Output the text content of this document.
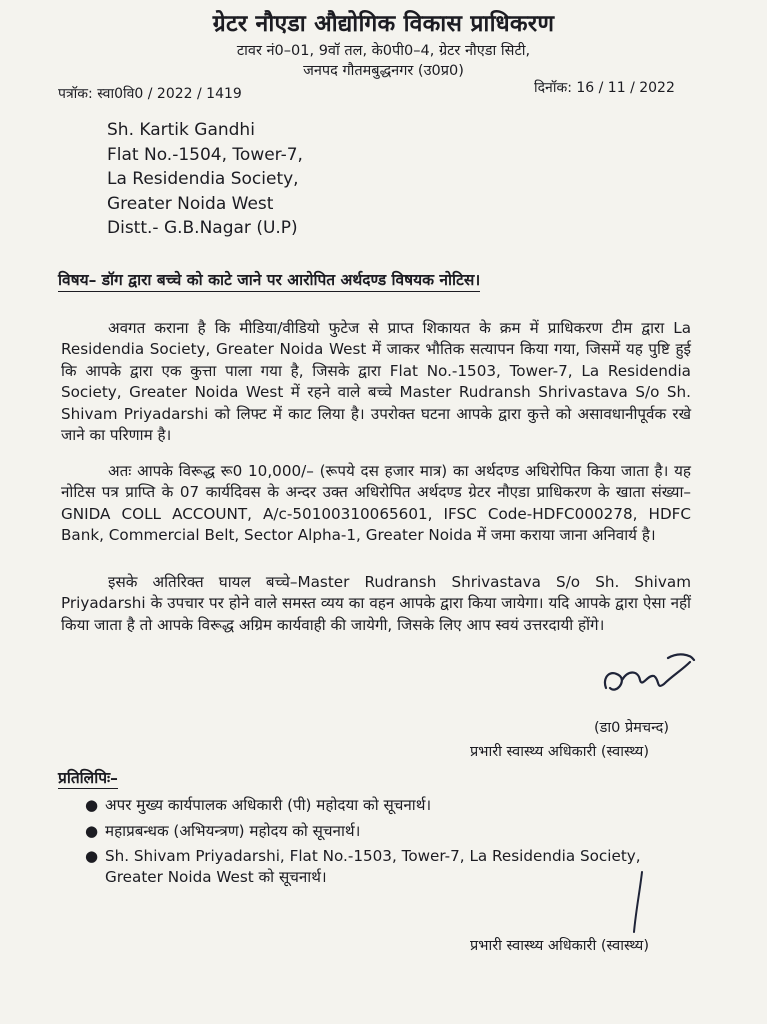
ग्रेटर नौएडा औद्योगिक विकास प्राधिकरण
टावर नं0–01, 9वॉ तल, के0पी0–4, ग्रेटर नौएडा सिटी,
जनपद गौतमबुद्धनगर (उ0प्र0)
पत्रॉक: स्वा0वि0 / 2022 / 1419	दिनॉक: 16 / 11 / 2022
Sh. Kartik Gandhi
Flat No.-1504, Tower-7,
La Residendia Society,
Greater Noida West
Distt.- G.B.Nagar (U.P)
विषय– डॉग द्वारा बच्चे को काटे जाने पर आरोपित अर्थदण्ड विषयक नोटिस।

अवगत कराना है कि मीडिया/वीडियो फुटेज से प्राप्त शिकायत के क्रम में प्राधिकरण टीम द्वारा La Residendia Society, Greater Noida West में जाकर भौतिक सत्यापन किया गया, जिसमें यह पुष्टि हुई कि आपके द्वारा एक कुत्ता पाला गया है, जिसके द्वारा Flat No.-1503, Tower-7, La Residendia Society, Greater Noida West में रहने वाले बच्चे Master Rudransh Shrivastava S/o Sh. Shivam Priyadarshi को लिफ्ट में काट लिया है। उपरोक्त घटना आपके द्वारा कुत्ते को असावधानीपूर्वक रखे जाने का परिणाम है।

अतः आपके विरूद्ध रू0 10,000/– (रूपये दस हजार मात्र) का अर्थदण्ड अधिरोपित किया जाता है। यह नोटिस पत्र प्राप्ति के 07 कार्यदिवस के अन्दर उक्त अधिरोपित अर्थदण्ड ग्रेटर नौएडा प्राधिकरण के खाता संख्या–GNIDA COLL ACCOUNT, A/c-50100310065601, IFSC Code-HDFC000278, HDFC Bank, Commercial Belt, Sector Alpha-1, Greater Noida में जमा कराया जाना अनिवार्य है।

इसके अतिरिक्त घायल बच्चे–Master Rudransh Shrivastava S/o Sh. Shivam Priyadarshi के उपचार पर होने वाले समस्त व्यय का वहन आपके द्वारा किया जायेगा। यदि आपके द्वारा ऐसा नहीं किया जाता है तो आपके विरूद्ध अग्रिम कार्यवाही की जायेगी, जिसके लिए आप स्वयं उत्तरदायी होंगे।

(डा0 प्रेमचन्द)
प्रभारी स्वास्थ्य अधिकारी (स्वास्थ्य)
प्रतिलिपिः–
● अपर मुख्य कार्यपालक अधिकारी (पी) महोदया को सूचनार्थ।
● महाप्रबन्धक (अभियन्त्रण) महोदय को सूचनार्थ।
● Sh. Shivam Priyadarshi, Flat No.-1503, Tower-7, La Residendia Society, Greater Noida West को सूचनार्थ।
प्रभारी स्वास्थ्य अधिकारी (स्वास्थ्य)
